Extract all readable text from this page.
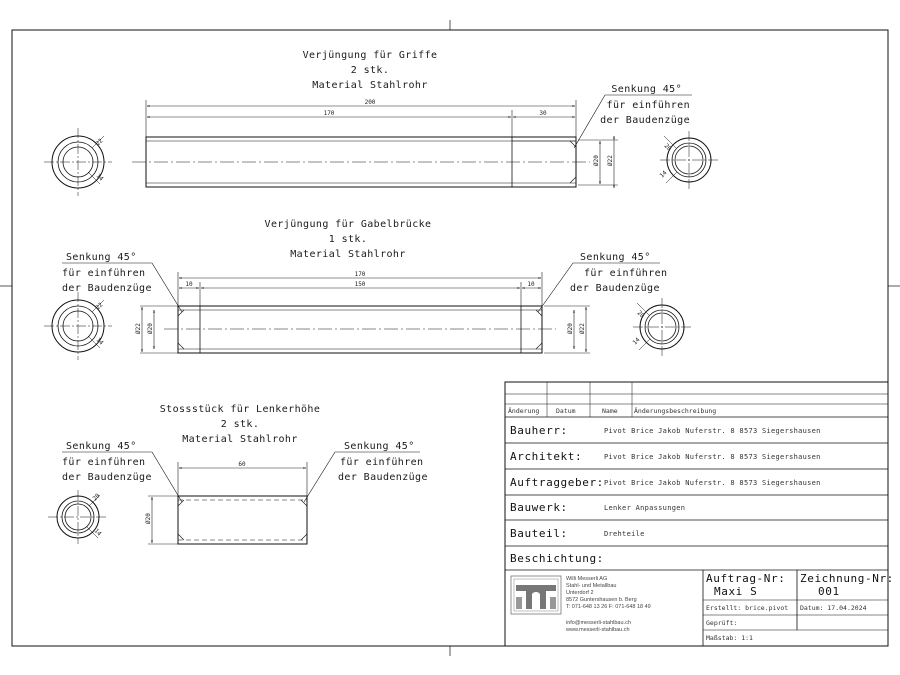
Verjüngung für Griffe
2 stk.
Material Stahlrohr
200
170	30
Ø20 Ø22
22
14
20
14
Senkung 45°
für einführen
der Baudenzüge
Verjüngung für Gabelbrücke
1 stk.
Material Stahlrohr
170
150
10	10
Ø22 Ø20	Ø20 Ø22
22
14
20
14
Senkung 45°
für einführen
der Baudenzüge
Senkung 45°
für einführen
der Baudenzüge
Stossstück für Lenkerhöhe
2 stk.
Material Stahlrohr
60
Ø20
20
14
Senkung 45°
für einführen
der Baudenzüge
Senkung 45°
für einführen
der Baudenzüge
Änderung	Datum	Name	Änderungsbeschreibung
Bauherr:	Pivot Brice Jakob Nuferstr. 8 8573 Siegershausen
Architekt:	Pivot Brice Jakob Nuferstr. 8 8573 Siegershausen
Auftraggeber: Pivot Brice Jakob Nuferstr. 8 8573 Siegershausen
Bauwerk:	Lenker Anpassungen
Bauteil:	Drehteile
Beschichtung:
Willi Messerli AG
Stahl- und Metallbau
Unterdorf 2
8572 Guntershausen b. Berg
T: 071-648 13 26 F: 071-648 18 49
info@messerli-stahlbau.ch
www.messerli-stahlbau.ch
Auftrag-Nr:
Maxi S
Zeichnung-Nr:
001
Erstellt: brice.pivot Datum: 17.04.2024
Geprüft:
Maßstab: 1:1
